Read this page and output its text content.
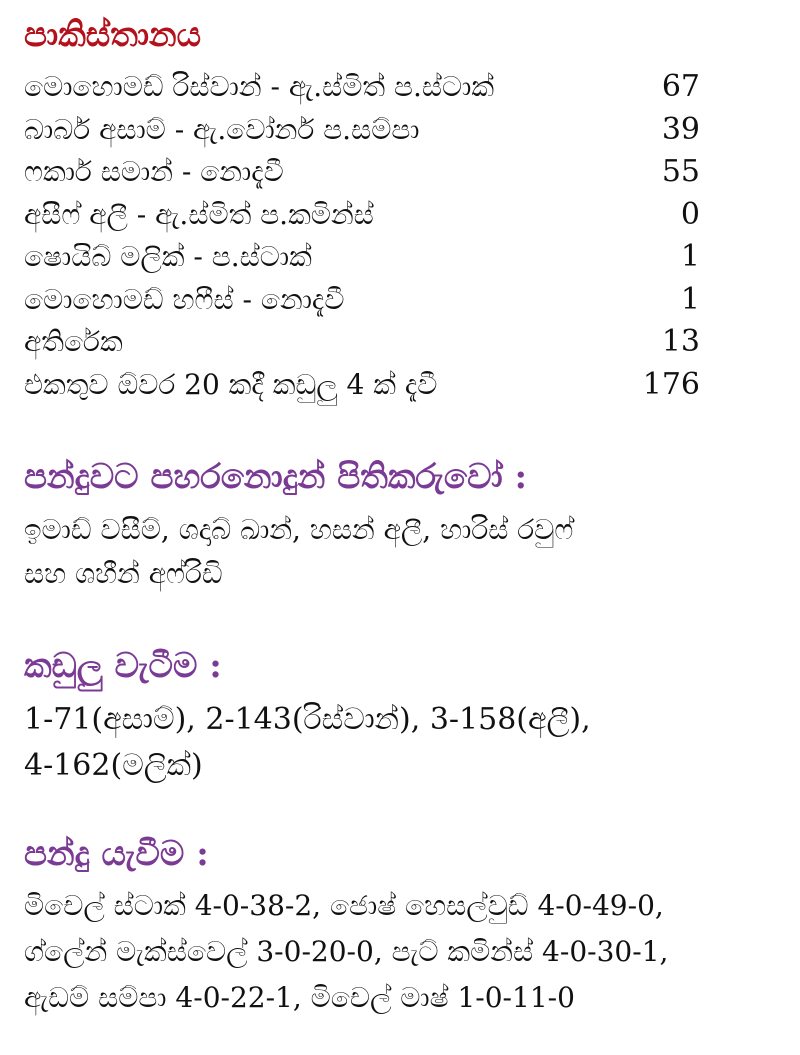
පාකිස්තානය
මොහොමඩ් රිස්වාන් - ඇ.ස්මිත් ප.ස්ටාක්	67
බාබර් අසාම් - ඇ.වෝනර් ප.සම්පා	39
ෆකාර් සමාන් - නොදැවී	55
අසීෆ් අලී - ඇ.ස්මිත් ප.කමින්ස්	0
ෂොයිබ් මලික් - ප.ස්ටාක්	1
මොහොමඩ් හෆීස් - නොදැවී	1
අතිරේක	13
එකතුව ඕවර 20 කදී කඩුලු 4 ක් දැවී	176
පන්දුවට පහරනොදුන් පිතිකරුවෝ :
ඉමාඩ් වසීම්, ශදාබ් ඛාන්, හසන් අලී, හාරිස් රවුෆ්
සහ ශහීන් අෆ්රිඩි
කඩුලු වැටීම :
1-71(අසාම්), 2-143(රිස්වාන්), 3-158(අලී),
4-162(මලික්)
පන්දු යැවීම :
මිචෙල් ස්ටාක් 4-0-38-2, ජොෂ් හෙසල්වුඩ් 4-0-49-0,
ග්ලේන් මැක්ස්වෙල් 3-0-20-0, පැට් කමින්ස් 4-0-30-1,
ඇඩම් සම්පා 4-0-22-1, මිචෙල් මාෂ් 1-0-11-0
